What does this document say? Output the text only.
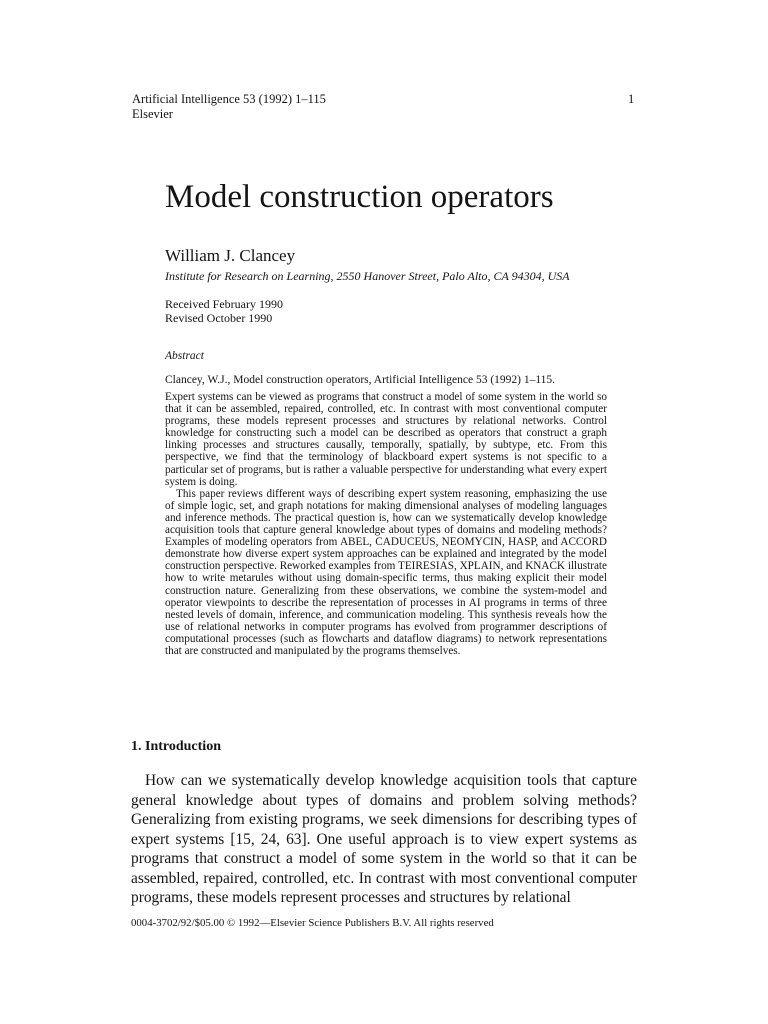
Artificial Intelligence 53 (1992) 1–115
Elsevier
1
Model construction operators
William J. Clancey
Institute for Research on Learning, 2550 Hanover Street, Palo Alto, CA 94304, USA
Received February 1990
Revised October 1990
Abstract
Clancey, W.J., Model construction operators, Artificial Intelligence 53 (1992) 1–115.

Expert systems can be viewed as programs that construct a model of some system in the world so that it can be assembled, repaired, controlled, etc. In contrast with most conventional computer programs, these models represent processes and structures by relational networks. Control knowledge for constructing such a model can be described as operators that construct a graph linking processes and structures causally, temporally, spatially, by subtype, etc. From this perspective, we find that the terminology of blackboard expert systems is not specific to a particular set of programs, but is rather a valuable perspective for understanding what every expert system is doing.

This paper reviews different ways of describing expert system reasoning, emphasizing the use of simple logic, set, and graph notations for making dimensional analyses of modeling languages and inference methods. The practical question is, how can we systematically develop knowledge acquisition tools that capture general knowledge about types of domains and modeling methods? Examples of modeling operators from ABEL, CADUCEUS, NEOMYCIN, HASP, and ACCORD demonstrate how diverse expert system approaches can be explained and integrated by the model construction perspective. Reworked examples from TEIRESIAS, XPLAIN, and KNACK illustrate how to write metarules without using domain-specific terms, thus making explicit their model construction nature. Generalizing from these observations, we combine the system-model and operator viewpoints to describe the representation of processes in AI programs in terms of three nested levels of domain, inference, and communication modeling. This synthesis reveals how the use of relational networks in computer programs has evolved from programmer descriptions of computational processes (such as flowcharts and dataflow diagrams) to network representations that are constructed and manipulated by the programs themselves.

1. Introduction

How can we systematically develop knowledge acquisition tools that capture general knowledge about types of domains and problem solving methods? Generalizing from existing programs, we seek dimensions for describing types of expert systems [15, 24, 63]. One useful approach is to view expert systems as programs that construct a model of some system in the world so that it can be assembled, repaired, controlled, etc. In contrast with most conventional computer programs, these models represent processes and structures by relational

0004-3702/92/$05.00 © 1992—Elsevier Science Publishers B.V. All rights reserved
